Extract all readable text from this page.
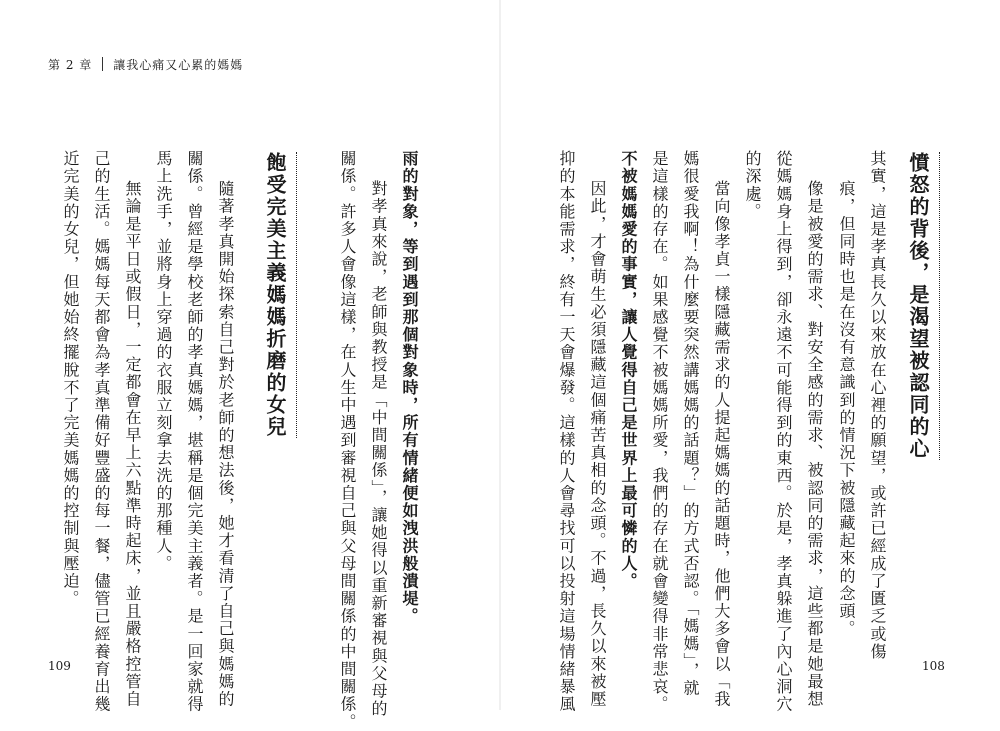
第 2 章 讓我心痛又心累的媽媽
憤怒的背後，是渴望被認同的心
其實，這是孝真長久以來放在心裡的願望，或許已經成了匱乏或傷
痕，但同時也是在沒有意識到的情況下被隱藏起來的念頭。
像是被愛的需求、對安全感的需求、被認同的需求，這些都是她最想
從媽媽身上得到，卻永遠不可能得到的東西。於是，孝真躲進了內心洞穴
的深處。
當向像孝貞一樣隱藏需求的人提起媽媽的話題時，他們大多會以「我
媽很愛我啊！為什麼要突然講媽媽的話題？」的方式否認。「媽媽」，就
是這樣的存在。如果感覺不被媽媽所愛，我們的存在就會變得非常悲哀。
不被媽媽愛的事實，讓人覺得自己是世界上最可憐的人。
因此，才會萌生必須隱藏這個痛苦真相的念頭。不過，長久以來被壓
抑的本能需求，終有一天會爆發。這樣的人會尋找可以投射這場情緒暴風
雨的對象，等到遇到那個對象時，所有情緒便如洩洪般潰堤。
對孝真來說，老師與教授是「中間關係」，讓她得以重新審視與父母的
關係。許多人會像這樣，在人生中遇到審視自己與父母間關係的中間關係。
飽受完美主義媽媽折磨的女兒
隨著孝真開始探索自己對於老師的想法後，她才看清了自己與媽媽的
關係。曾經是學校老師的孝真媽媽，堪稱是個完美主義者。是一回家就得
馬上洗手，並將身上穿過的衣服立刻拿去洗的那種人。
無論是平日或假日，一定都會在早上六點準時起床，並且嚴格控管自
己的生活。媽媽每天都會為孝真準備好豐盛的每一餐，儘管已經養育出幾
近完美的女兒，但她始終擺脫不了完美媽媽的控制與壓迫。
109	108
